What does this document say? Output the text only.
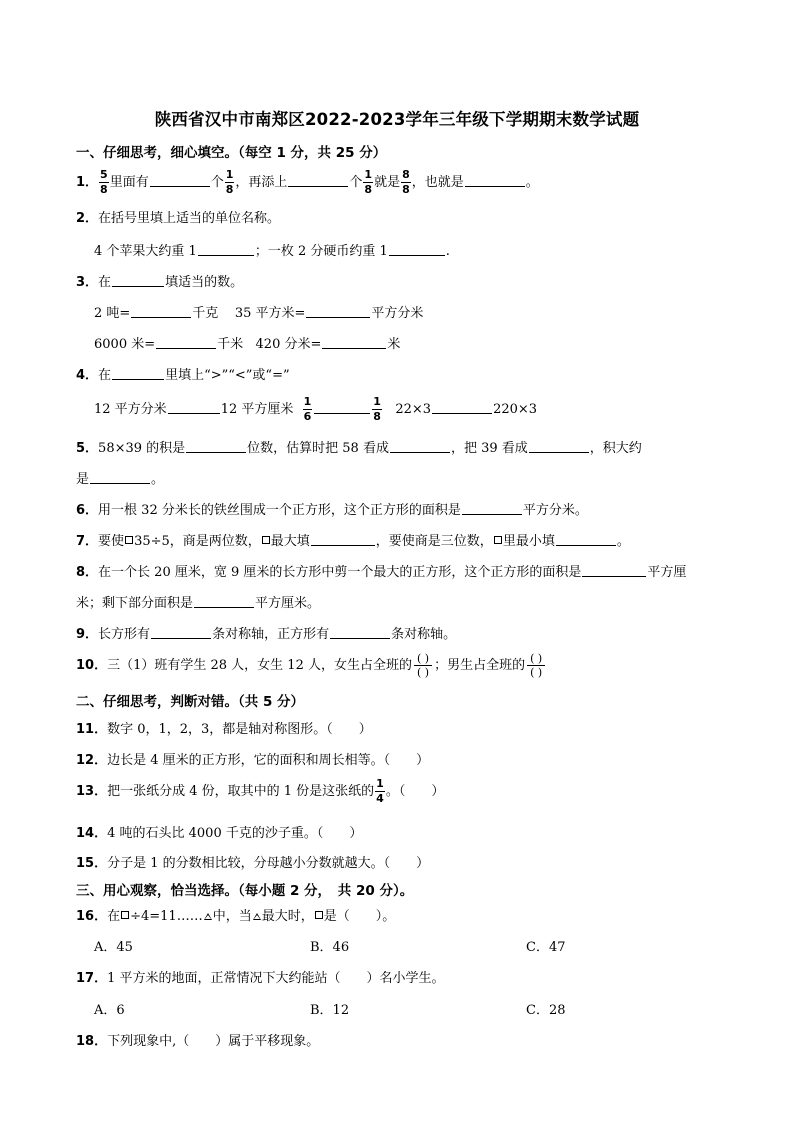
陕西省汉中市南郑区2022-2023学年三年级下学期期末数学试题
一、仔细思考，细心填空。（每空 1 分，共 25 分）
1． $\frac{5}{8}$ 里面有	个 $\frac{1}{8}$ ，再添上	个 $\frac{1}{8}$ 就是 $\frac{8}{8}$ ，也就是	。
2．在括号里填上适当的单位名称。
4 个苹果大约重 1	；一枚 2 分硬币约重 1	.
3．在	填适当的数。
2 吨=	千克 35 平方米=	平方分米
6000 米=	千米 420 分米=	米
4．在	里填上“>”“<”或“=”
12 平方分米	12 平方厘米 $\frac{1}{6}$	$\frac{1}{8} 22\times 3$	220×3
5．58×39 的积是	位数，估算时把 58 看成	，把 39 看成	，积大约
是	。
6．用一根 32 分米长的铁丝围成一个正方形，这个正方形的面积是	平方分米。
7．要使 35÷5，商是两位数， 最大填	，要使商是三位数， 里最小填	。
8．在一个长 20 厘米，宽 9 厘米的长方形中剪一个最大的正方形，这个正方形的面积是	平方厘
米；剩下部分面积是	平方厘米。
9．长方形有	条对称轴，正方形有	条对称轴。
10．三（1）班有学生 28 人，女生 12 人，女生占全班的 ( )
( ) ；男生占全班的 ( )
( )
二、仔细思考，判断对错。（共 5 分）
11．数字 0，1，2，3，都是轴对称图形。（　　）
12．边长是 4 厘米的正方形，它的面积和周长相等。（　　）
13．把一张纸分成 4 份，取其中的 1 份是这张纸的 $\frac{1}{4}$ 。（　　）
14．4 吨的石头比 4000 千克的沙子重。（　　）
15．分子是 1 的分数相比较，分母越小分数就越大。（　　）
三、用心观察，恰当选择。（每小题 2 分，　共 20 分）。
16．在 ÷4=11…… 中，当 最大时， 是（　　）。
A．45	B．46	C．47
17．1 平方米的地面，正常情况下大约能站（　　）名小学生。
A．6	B．12	C．28
18．下列现象中,（　　）属于平移现象。
